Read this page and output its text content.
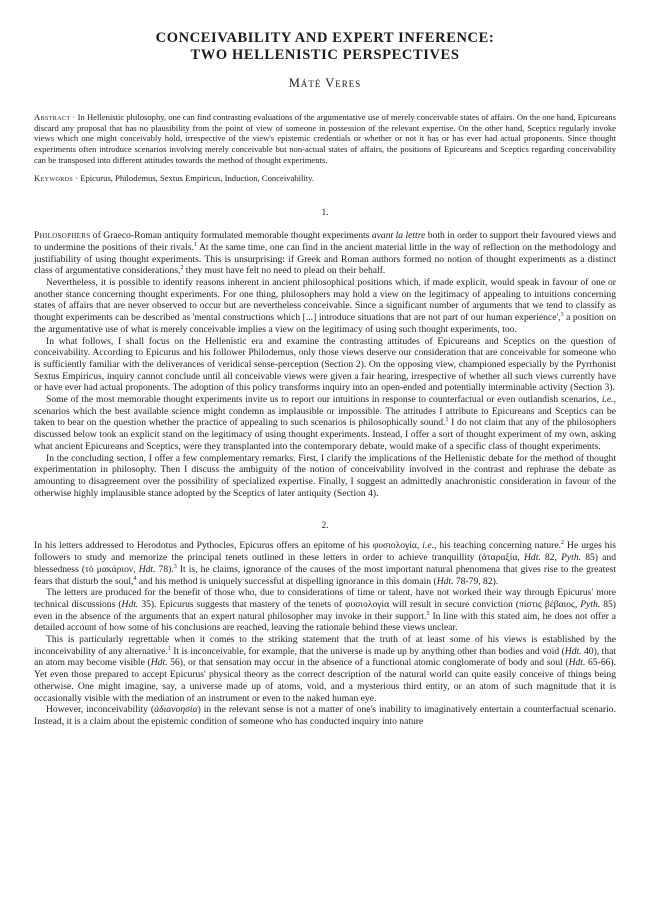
CONCEIVABILITY AND EXPERT INFERENCE:
TWO HELLENISTIC PERSPECTIVES
Máté Veres
Abstract · In Hellenistic philosophy, one can find contrasting evaluations of the argumentative use of merely conceivable states of affairs. On the one hand, Epicureans discard any proposal that has no plausibility from the point of view of someone in possession of the relevant expertise. On the other hand, Sceptics regularly invoke views which one might conceivably hold, irrespective of the view's epistemic credentials or whether or not it has or has ever had actual proponents. Since thought experiments often introduce scenarios involving merely conceivable but non-actual states of affairs, the positions of Epicureans and Sceptics regarding conceivability can be transposed into different attitudes towards the method of thought experiments.
Keywords · Epicurus, Philodemus, Sextus Empiricus, Induction, Conceivability.
1.

Philosophers of Graeco-Roman antiquity formulated memorable thought experiments avant la lettre both in order to support their favoured views and to undermine the positions of their rivals.$^1$ At the same time, one can find in the ancient material little in the way of reflection on the methodology and justifiability of using thought experiments. This is unsurprising: if Greek and Roman authors formed no notion of thought experiments as a distinct class of argumentative considerations,$^2$ they must have felt no need to plead on their behalf.

Nevertheless, it is possible to identify reasons inherent in ancient philosophical positions which, if made explicit, would speak in favour of one or another stance concerning thought experiments. For one thing, philosophers may hold a view on the legitimacy of appealing to intuitions concerning states of affairs that are never observed to occur but are nevertheless conceivable. Since a significant number of arguments that we tend to classify as thought experiments can be described as 'mental constructions which [...] introduce situations that are not part of our human experience',$^3$ a position on the argumentative use of what is merely conceivable implies a view on the legitimacy of using such thought experiments, too.

In what follows, I shall focus on the Hellenistic era and examine the contrasting attitudes of Epicureans and Sceptics on the question of conceivability. According to Epicurus and his follower Philodemus, only those views deserve our consideration that are conceivable for someone who is sufficiently familiar with the deliverances of veridical sense-perception (Section 2). On the opposing view, championed especially by the Pyrrhonist Sextus Empiricus, inquiry cannot conclude until all conceivable views were given a fair hearing, irrespective of whether all such views currently have or have ever had actual proponents. The adoption of this policy transforms inquiry into an open-ended and potentially interminable activity (Section 3).

Some of the most memorable thought experiments invite us to report our intuitions in response to counterfactual or even outlandish scenarios, i.e., scenarios which the best available science might condemn as implausible or impossible. The attitudes I attribute to Epicureans and Sceptics can be taken to bear on the question whether the practice of appealing to such scenarios is philosophically sound.$^1$ I do not claim that any of the philosophers discussed below took an explicit stand on the legitimacy of using thought experiments. Instead, I offer a sort of thought experiment of my own, asking what ancient Epicureans and Sceptics, were they transplanted into the contemporary debate, would make of a specific class of thought experiments.

In the concluding section, I offer a few complementary remarks. First, I clarify the implications of the Hellenistic debate for the method of thought experimentation in philosophy. Then I discuss the ambiguity of the notion of conceivability involved in the contrast and rephrase the debate as amounting to disagreement over the possibility of specialized expertise. Finally, I suggest an admittedly anachronistic consideration in favour of the otherwise highly implausible stance adopted by the Sceptics of later antiquity (Section 4).

2.

In his letters addressed to Herodotus and Pythocles, Epicurus offers an epitome of his φυσιολογία, i.e., his teaching concerning nature.$^2$ He urges his followers to study and memorize the principal tenets outlined in these letters in order to achieve tranquillity (ἀταραξία, Hdt. 82, Pyth. 85) and blessedness (τὸ μακάριον, Hdt. 78).$^3$ It is, he claims, ignorance of the causes of the most important natural phenomena that gives rise to the greatest fears that disturb the soul,$^4$ and his method is uniquely successful at dispelling ignorance in this domain (Hdt. 78-79, 82).

The letters are produced for the benefit of those who, due to considerations of time or talent, have not worked their way through Epicurus' more technical discussions (Hdt. 35). Epicurus suggests that mastery of the tenets of φυσιολογία will result in secure conviction (πίστις βέβαιος, Pyth. 85) even in the absence of the arguments that an expert natural philosopher may invoke in their support.$^5$ In line with this stated aim, he does not offer a detailed account of how some of his conclusions are reached, leaving the rationale behind these views unclear.

This is particularly regrettable when it comes to the striking statement that the truth of at least some of his views is established by the inconceivability of any alternative.$^1$ It is inconceivable, for example, that the universe is made up by anything other than bodies and void (Hdt. 40), that an atom may become visible (Hdt. 56), or that sensation may occur in the absence of a functional atomic conglomerate of body and soul (Hdt. 65-66). Yet even those prepared to accept Epicurus' physical theory as the correct description of the natural world can quite easily conceive of things being otherwise. One might imagine, say, a universe made up of atoms, void, and a mysterious third entity, or an atom of such magnitude that it is occasionally visible with the mediation of an instrument or even to the naked human eye.

However, inconceivability (ἀδιανοησία) in the relevant sense is not a matter of one's inability to imaginatively entertain a counterfactual scenario. Instead, it is a claim about the epistemic condition of someone who has conducted inquiry into nature
